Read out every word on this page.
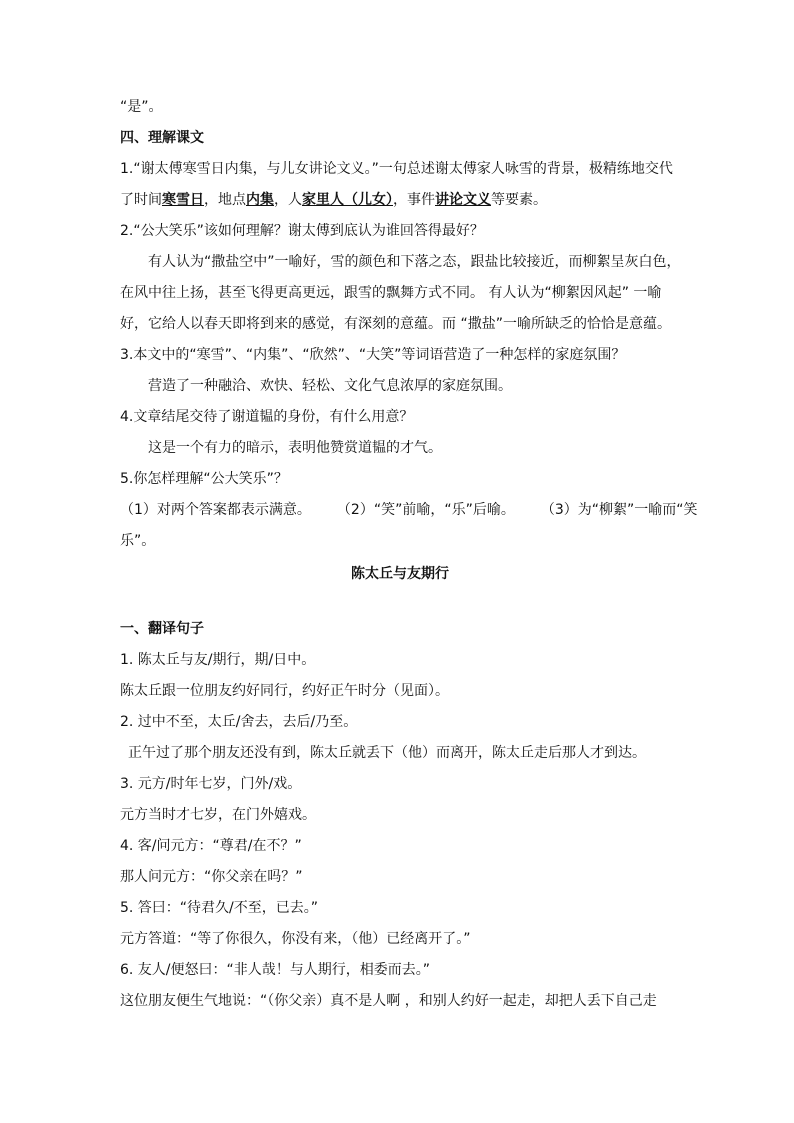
“是”。
四、理解课文
1.“谢太傅寒雪日内集，与儿女讲论文义。”一句总述谢太傅家人咏雪的背景，极精练地交代
了时间寒雪日，地点内集，人家里人（儿女），事件讲论文义等要素。
2.“公大笑乐”该如何理解？谢太傅到底认为谁回答得最好？
有人认为“撒盐空中”一喻好，雪的颜色和下落之态，跟盐比较接近，而柳絮呈灰白色，
在风中往上扬，甚至飞得更高更远，跟雪的飘舞方式不同。 有人认为“柳絮因风起” 一喻
好，它给人以春天即将到来的感觉，有深刻的意蕴。而 “撒盐”一喻所缺乏的恰恰是意蕴。
3.本文中的“寒雪”、“内集”、“欣然”、“大笑”等词语营造了一种怎样的家庭氛围？
营造了一种融洽、欢快、轻松、文化气息浓厚的家庭氛围。
4.文章结尾交待了谢道韫的身份，有什么用意？
这是一个有力的暗示，表明他赞赏道韫的才气。
5.你怎样理解“公大笑乐”？
（1）对两个答案都表示满意。 （2）“笑”前喻，“乐”后喻。 （3）为“柳絮”一喻而“笑
乐”。
陈太丘与友期行
一、翻译句子
1. 陈太丘与友/期行，期/日中。
陈太丘跟一位朋友约好同行，约好正午时分（见面）。
2. 过中不至，太丘/舍去，去后/乃至。
正午过了那个朋友还没有到，陈太丘就丢下（他）而离开，陈太丘走后那人才到达。
3. 元方/时年七岁，门外/戏。
元方当时才七岁，在门外嬉戏。
4. 客/问元方：“尊君/在不？”
那人问元方：“你父亲在吗？”
5. 答曰：“待君久/不至，已去。”
元方答道：“等了你很久，你没有来，（他）已经离开了。”
6. 友人/便怒曰：“非人哉！与人期行，相委而去。”
这位朋友便生气地说：“（你父亲）真不是人啊 ，和别人约好一起走，却把人丢下自己走
